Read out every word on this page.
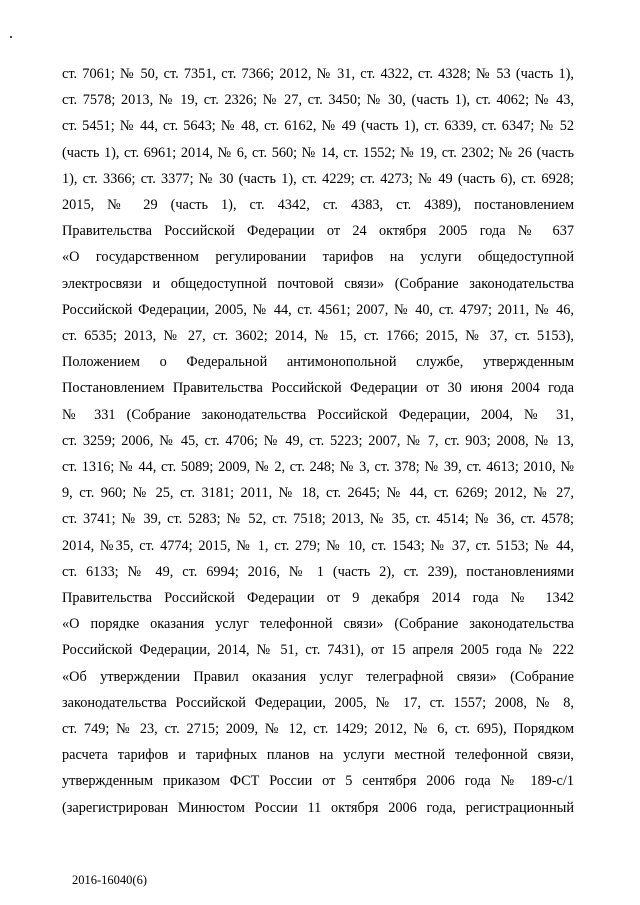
ст. 7061; № 50, ст. 7351, ст. 7366; 2012, № 31, ст. 4322, ст. 4328; № 53 (часть 1),
ст. 7578; 2013, № 19, ст. 2326; № 27, ст. 3450; № 30, (часть 1), ст. 4062; № 43,
ст. 5451; № 44, ст. 5643; № 48, ст. 6162, № 49 (часть 1), ст. 6339, ст. 6347; № 52
(часть 1), ст. 6961; 2014, № 6, ст. 560; № 14, ст. 1552; № 19, ст. 2302; № 26 (часть
1), ст. 3366; ст. 3377; № 30 (часть 1), ст. 4229; ст. 4273; № 49 (часть 6), ст. 6928;
2015, № 29 (часть 1), ст. 4342, ст. 4383, ст. 4389), постановлением
Правительства Российской Федерации от 24 октября 2005 года № 637
«О государственном регулировании тарифов на услуги общедоступной
электросвязи и общедоступной почтовой связи» (Собрание законодательства
Российской Федерации, 2005, № 44, ст. 4561; 2007, № 40, ст. 4797; 2011, № 46,
ст. 6535; 2013, № 27, ст. 3602; 2014, № 15, ст. 1766; 2015, № 37, ст. 5153),
Положением о Федеральной антимонопольной службе, утвержденным
Постановлением Правительства Российской Федерации от 30 июня 2004 года
№ 331 (Собрание законодательства Российской Федерации, 2004, № 31,
ст. 3259; 2006, № 45, ст. 4706; № 49, ст. 5223; 2007, № 7, ст. 903; 2008, № 13,
ст. 1316; № 44, ст. 5089; 2009, № 2, ст. 248; № 3, ст. 378; № 39, ст. 4613; 2010, №
9, ст. 960; № 25, ст. 3181; 2011, № 18, ст. 2645; № 44, ст. 6269; 2012, № 27,
ст. 3741; № 39, ст. 5283; № 52, ст. 7518; 2013, № 35, ст. 4514; № 36, ст. 4578;
2014, №35, ст. 4774; 2015, № 1, ст. 279; № 10, ст. 1543; № 37, ст. 5153; № 44,
ст. 6133; № 49, ст. 6994; 2016, № 1 (часть 2), ст. 239), постановлениями
Правительства Российской Федерации от 9 декабря 2014 года № 1342
«О порядке оказания услуг телефонной связи» (Собрание законодательства
Российской Федерации, 2014, № 51, ст. 7431), от 15 апреля 2005 года № 222
«Об утверждении Правил оказания услуг телеграфной связи» (Собрание
законодательства Российской Федерации, 2005, № 17, ст. 1557; 2008, № 8,
ст. 749; № 23, ст. 2715; 2009, № 12, ст. 1429; 2012, № 6, ст. 695), Порядком
расчета тарифов и тарифных планов на услуги местной телефонной связи,
утвержденным приказом ФСТ России от 5 сентября 2006 года № 189-с/1
(зарегистрирован Минюстом России 11 октября 2006 года, регистрационный
2016-16040(6)
